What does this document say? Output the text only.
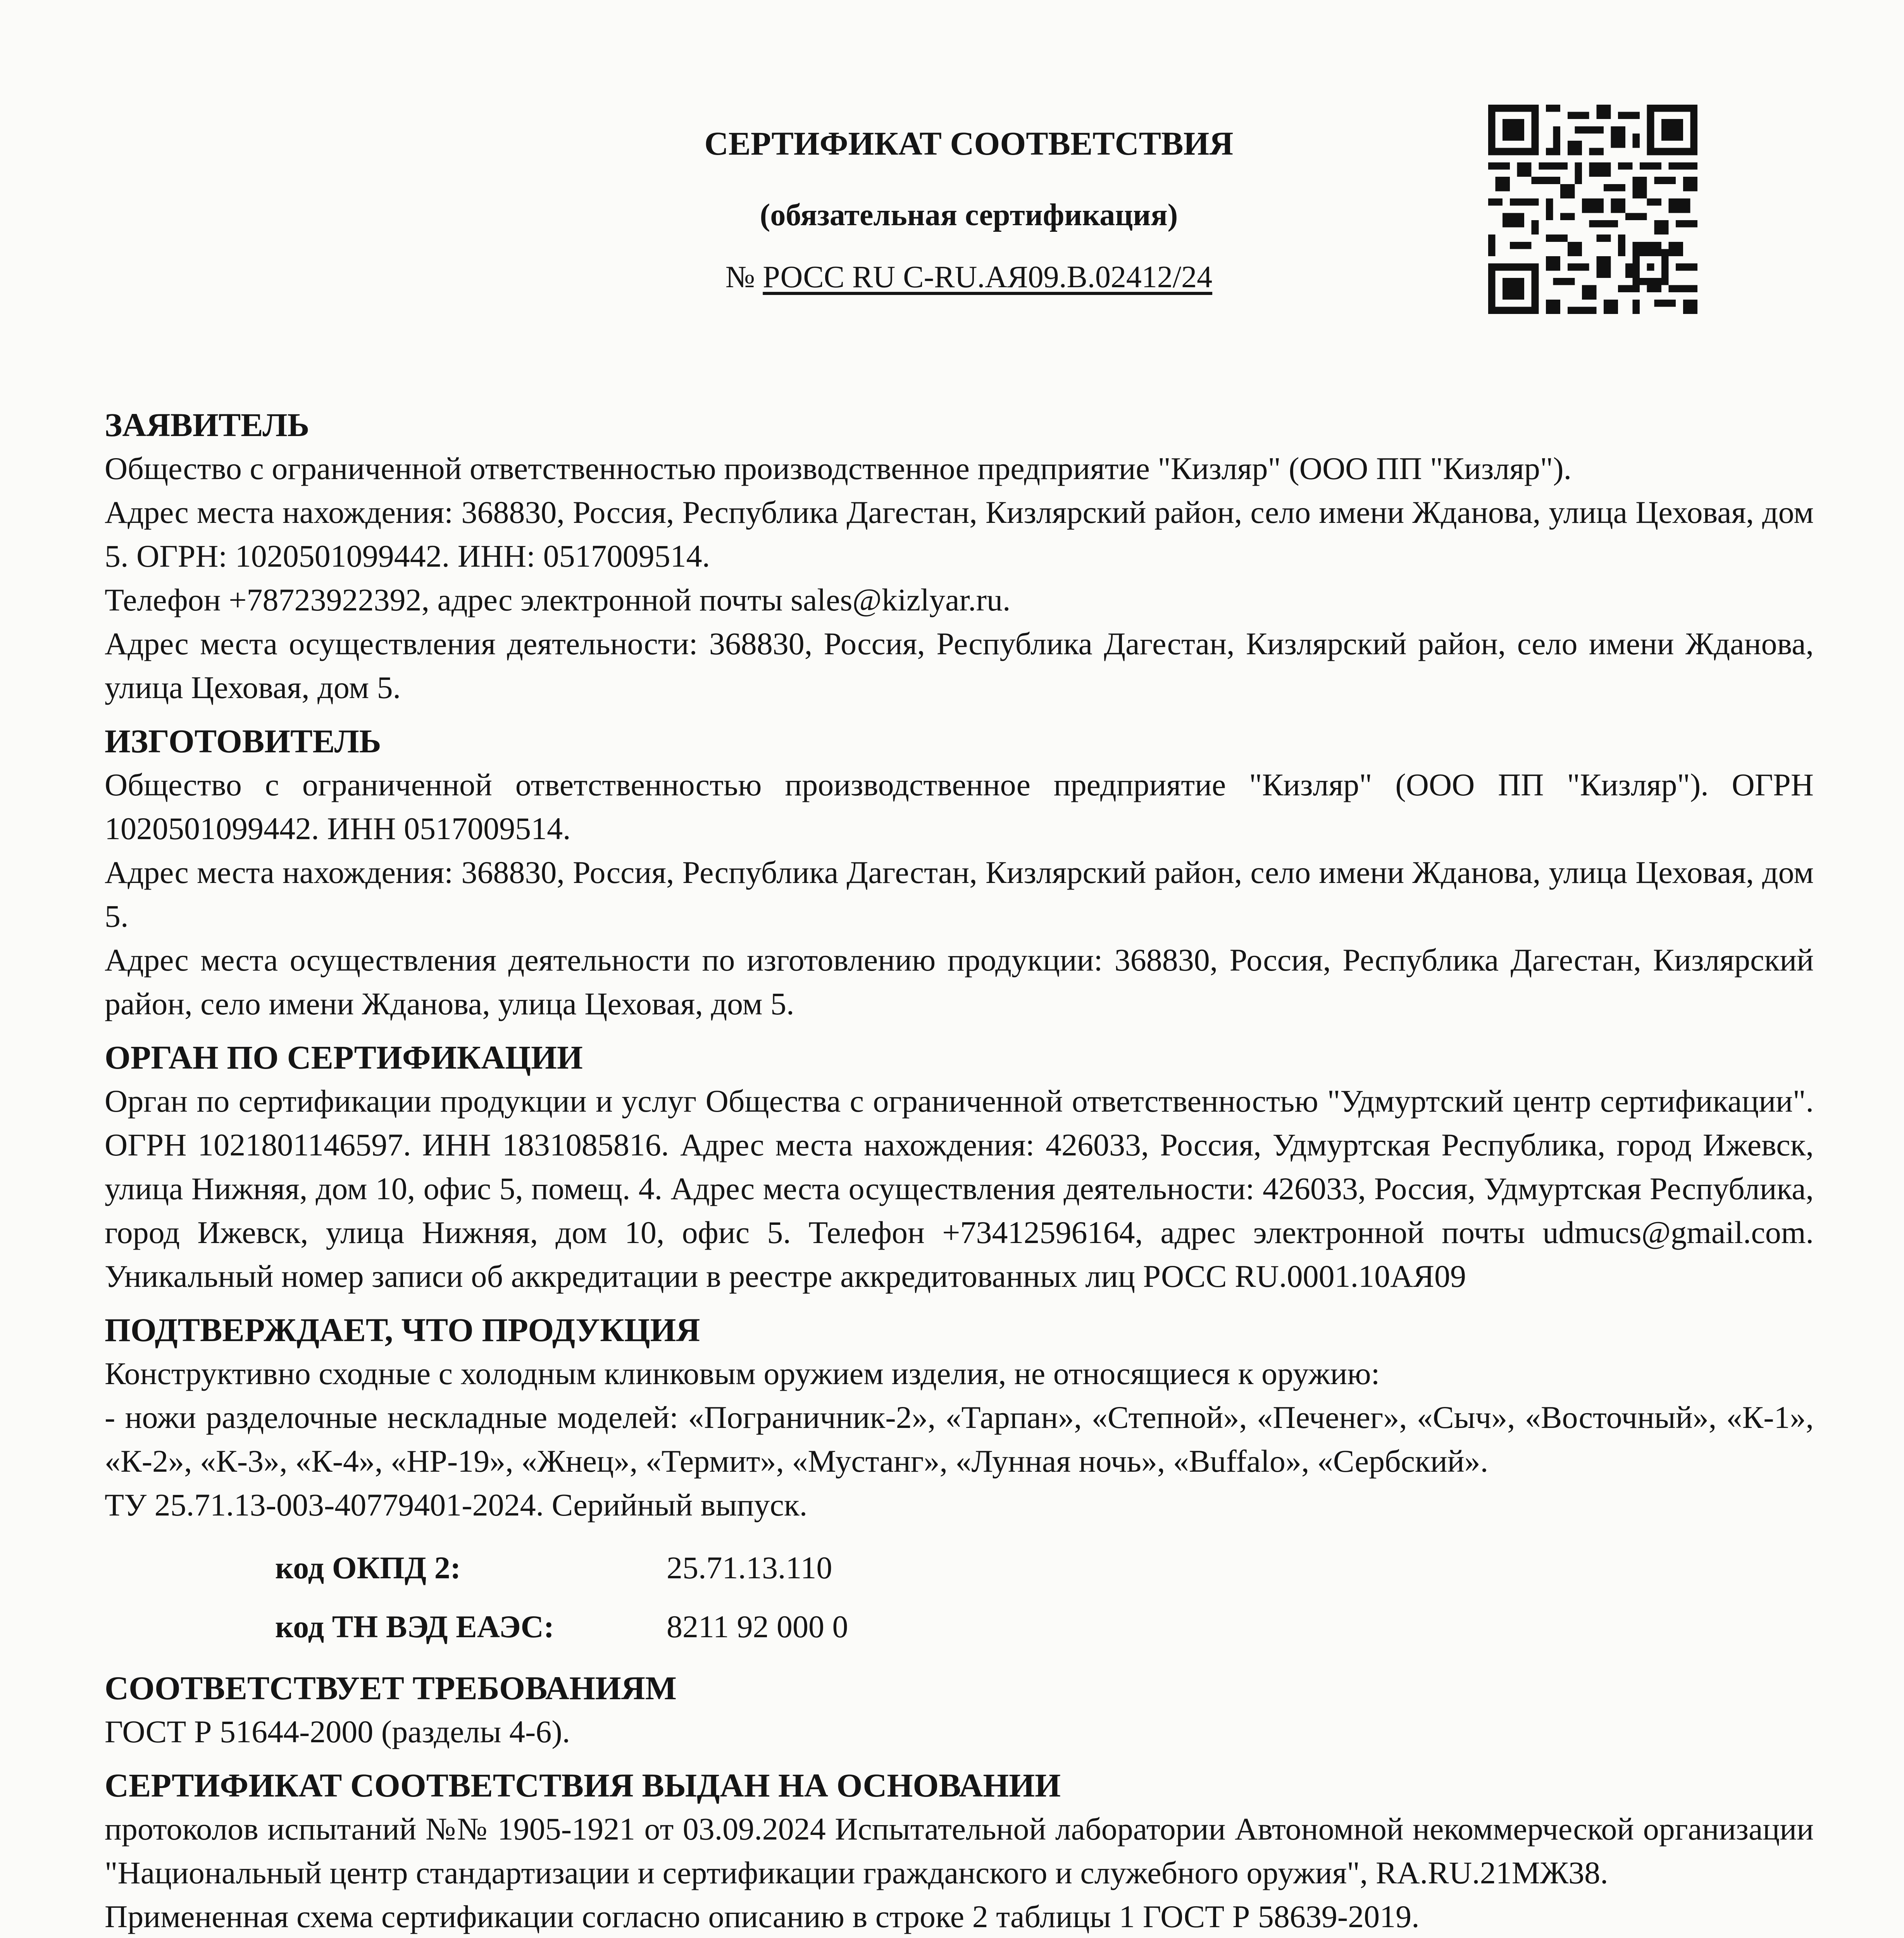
СЕРТИФИКАТ СООТВЕТСТВИЯ
(обязательная сертификация)
№ РОСС RU С-RU.АЯ09.В.02412/24

ЗАЯВИТЕЛЬ

Общество с ограниченной ответственностью производственное предприятие "Кизляр" (ООО ПП "Кизляр").

Адрес места нахождения: 368830, Россия, Республика Дагестан, Кизлярский район, село имени Жданова, улица Цеховая, дом 5. ОГРН: 1020501099442. ИНН: 0517009514.

Телефон +78723922392, адрес электронной почты sales@kizlyar.ru.

Адрес места осуществления деятельности: 368830, Россия, Республика Дагестан, Кизлярский район, село имени Жданова, улица Цеховая, дом 5.

ИЗГОТОВИТЕЛЬ

Общество с ограниченной ответственностью производственное предприятие "Кизляр" (ООО ПП "Кизляр"). ОГРН 1020501099442. ИНН 0517009514.

Адрес места нахождения: 368830, Россия, Республика Дагестан, Кизлярский район, село имени Жданова, улица Цеховая, дом 5.

Адрес места осуществления деятельности по изготовлению продукции: 368830, Россия, Республика Дагестан, Кизлярский район, село имени Жданова, улица Цеховая, дом 5.

ОРГАН ПО СЕРТИФИКАЦИИ

Орган по сертификации продукции и услуг Общества с ограниченной ответственностью "Удмуртский центр сертификации". ОГРН 1021801146597. ИНН 1831085816. Адрес места нахождения: 426033, Россия, Удмуртская Республика, город Ижевск, улица Нижняя, дом 10, офис 5, помещ. 4. Адрес места осуществления деятельности: 426033, Россия, Удмуртская Республика, город Ижевск, улица Нижняя, дом 10, офис 5. Телефон +73412596164, адрес электронной почты udmucs@gmail.com. Уникальный номер записи об аккредитации в реестре аккредитованных лиц РОСС RU.0001.10АЯ09

ПОДТВЕРЖДАЕТ, ЧТО ПРОДУКЦИЯ

Конструктивно сходные с холодным клинковым оружием изделия, не относящиеся к оружию:

- ножи разделочные нескладные моделей: «Пограничник-2», «Тарпан», «Степной», «Печенег», «Сыч», «Восточный», «К-1», «К-2», «К-3», «К-4», «НР-19», «Жнец», «Термит», «Мустанг», «Лунная ночь», «Buffalo», «Сербский».

ТУ 25.71.13-003-40779401-2024. Серийный выпуск.

код ОКПД 2:	25.71.13.110
код ТН ВЭД ЕАЭС:	8211 92 000 0

СООТВЕТСТВУЕТ ТРЕБОВАНИЯМ

ГОСТ Р 51644-2000 (разделы 4-6).

СЕРТИФИКАТ СООТВЕТСТВИЯ ВЫДАН НА ОСНОВАНИИ

протоколов испытаний №№ 1905-1921 от 03.09.2024 Испытательной лаборатории Автономной некоммерческой организации "Национальный центр стандартизации и сертификации гражданского и служебного оружия", RA.RU.21МЖ38.

Примененная схема сертификации согласно описанию в строке 2 таблицы 1 ГОСТ Р 58639-2019.
